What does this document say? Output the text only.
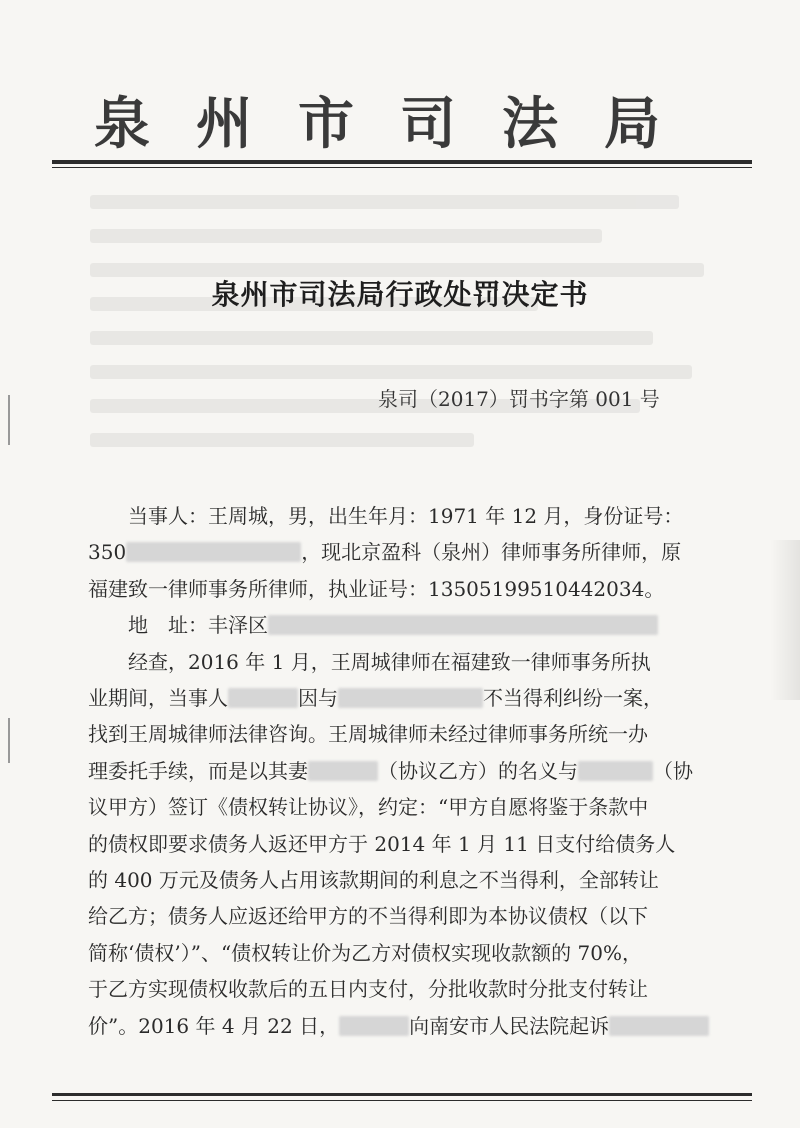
泉州市司法局
泉州市司法局行政处罚决定书
泉司（2017）罚书字第 001 号

当事人：王周城，男，出生年月：1971 年 12 月，身份证号：

350	，现北京盈科（泉州）律师事务所律师，原

福建致一律师事务所律师，执业证号：13505199510442034。

地　址：丰泽区

经查，2016 年 1 月，王周城律师在福建致一律师事务所执

业期间，当事人	因与	不当得利纠纷一案，

找到王周城律师法律咨询。王周城律师未经过律师事务所统一办

理委托手续，而是以其妻	（协议乙方）的名义与	（协

议甲方）签订《债权转让协议》，约定：“甲方自愿将鉴于条款中

的债权即要求债务人返还甲方于 2014 年 1 月 11 日支付给债务人

的 400 万元及债务人占用该款期间的利息之不当得利，全部转让

给乙方；债务人应返还给甲方的不当得利即为本协议债权（以下

简称‘债权’）”、“债权转让价为乙方对债权实现收款额的 70%，

于乙方实现债权收款后的五日内支付，分批收款时分批支付转让

价”。2016 年 4 月 22 日，	向南安市人民法院起诉
